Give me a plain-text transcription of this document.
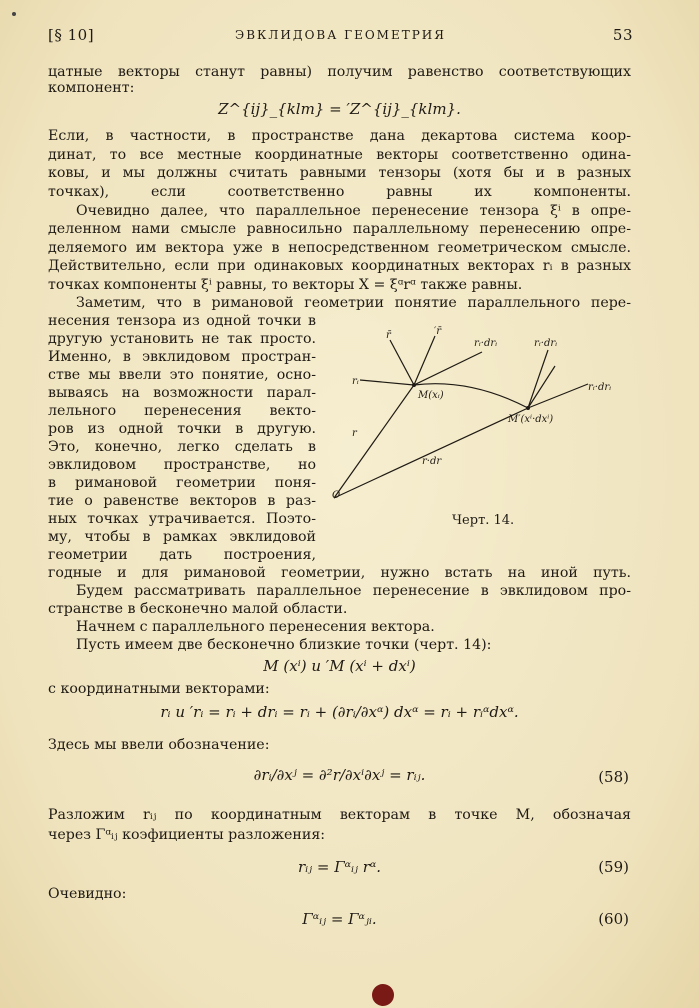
[§ 10]	ЭВКЛИДОВА ГЕОМЕТРИЯ	53
цатные векторы станут равны) получим равенство соответствующих
компонент:
Z^{ij}_{klm} = ′Z^{ij}_{klm}.
Если, в частности, в пространстве дана декартова система коор-
динат, то все местные координатные векторы соответственно одина-
ковы, и мы должны считать равными тензоры (хотя бы и в разных
точках), если соответственно равны их компоненты.
Очевидно далее, что параллельное перенесение тензора ξⁱ в опре-
деленном нами смысле равносильно параллельному перенесению опре-
деляемого им вектора уже в непосредственном геометрическом смысле.
Действительно, если при одинаковых координатных векторах rᵢ в разных
точках компоненты ξⁱ равны, то векторы X = ξᵅrᵅ также равны.
Заметим, что в римановой геометрии понятие параллельного пере-
несения тензора из одной точки в
другую установить не так просто.
Именно, в эвклидовом простран-
стве мы ввели это понятие, осно-
вываясь на возможности парал-
лельного перенесения векто-
ров из одной точки в другую.
Это, конечно, легко сделать в
эвклидовом пространстве, но
в римановой геометрии поня-
тие о равенстве векторов в раз-
ных точках утрачивается. Поэто-
му, чтобы в рамках эвклидовой
геометрии дать построения,
r̄	′r̄
rᵢ
rᵢ·drᵢ	rᵢ·drᵢ
rᵢ·drᵢ
M(xᵢ)
M′(xⁱ·dxⁱ)
r
r·dr
O
Черт. 14.
годные и для римановой геометрии, нужно встать на иной путь.
Будем рассматривать параллельное перенесение в эвклидовом про-
странстве в бесконечно малой области.
Начнем с параллельного перенесения вектора.
Пусть имеем две бесконечно близкие точки (черт. 14):
M (xⁱ) и ′M (xⁱ + dxⁱ)
с координатными векторами:
rᵢ и ′rᵢ = rᵢ + drᵢ = rᵢ + (∂rᵢ/∂xᵅ) dxᵅ = rᵢ + rᵢᵅdxᵅ.
Здесь мы ввели обозначение:
∂rᵢ/∂xʲ = ∂²r/∂xⁱ∂xʲ = rᵢⱼ.	(58)
Разложим rᵢⱼ по координатным векторам в точке M, обозначая
через Γᵅᵢⱼ коэфициенты разложения:
rᵢⱼ = Γᵅᵢⱼ rᵅ.	(59)
Очевидно:
Γᵅᵢⱼ = Γᵅⱼᵢ.	(60)
